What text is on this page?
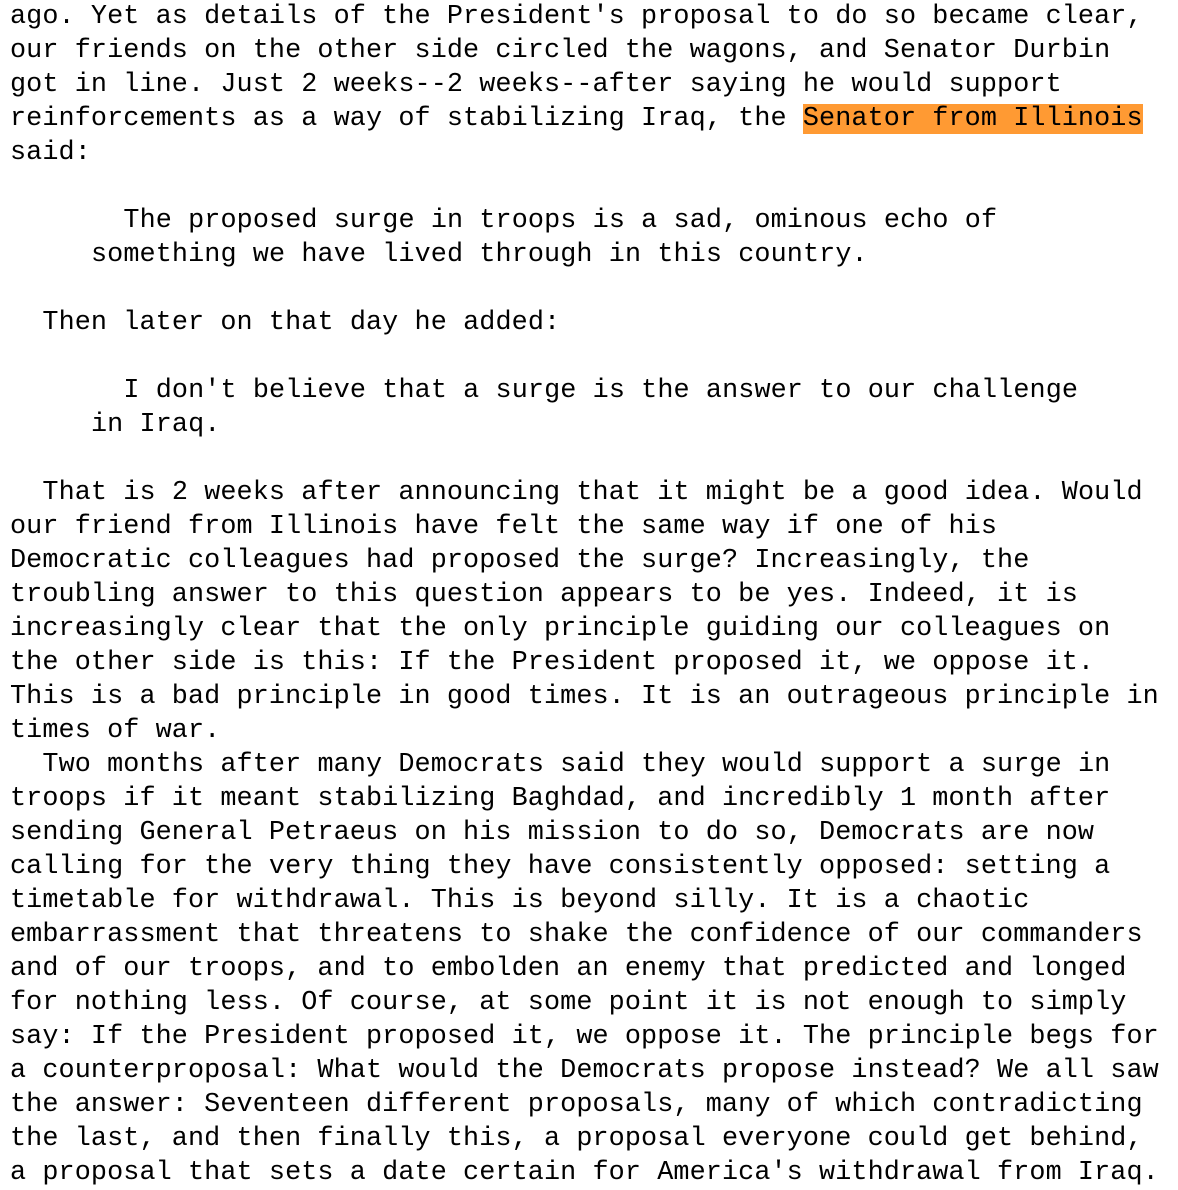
ago. Yet as details of the President's proposal to do so became clear,
our friends on the other side circled the wagons, and Senator Durbin
got in line. Just 2 weeks--2 weeks--after saying he would support
reinforcements as a way of stabilizing Iraq, the Senator from Illinois
said:
The proposed surge in troops is a sad, ominous echo of
something we have lived through in this country.
Then later on that day he added:
I don't believe that a surge is the answer to our challenge
in Iraq.
That is 2 weeks after announcing that it might be a good idea. Would
our friend from Illinois have felt the same way if one of his
Democratic colleagues had proposed the surge? Increasingly, the
troubling answer to this question appears to be yes. Indeed, it is
increasingly clear that the only principle guiding our colleagues on
the other side is this: If the President proposed it, we oppose it.
This is a bad principle in good times. It is an outrageous principle in
times of war.
Two months after many Democrats said they would support a surge in
troops if it meant stabilizing Baghdad, and incredibly 1 month after
sending General Petraeus on his mission to do so, Democrats are now
calling for the very thing they have consistently opposed: setting a
timetable for withdrawal. This is beyond silly. It is a chaotic
embarrassment that threatens to shake the confidence of our commanders
and of our troops, and to embolden an enemy that predicted and longed
for nothing less. Of course, at some point it is not enough to simply
say: If the President proposed it, we oppose it. The principle begs for
a counterproposal: What would the Democrats propose instead? We all saw
the answer: Seventeen different proposals, many of which contradicting
the last, and then finally this, a proposal everyone could get behind,
a proposal that sets a date certain for America's withdrawal from Iraq.
